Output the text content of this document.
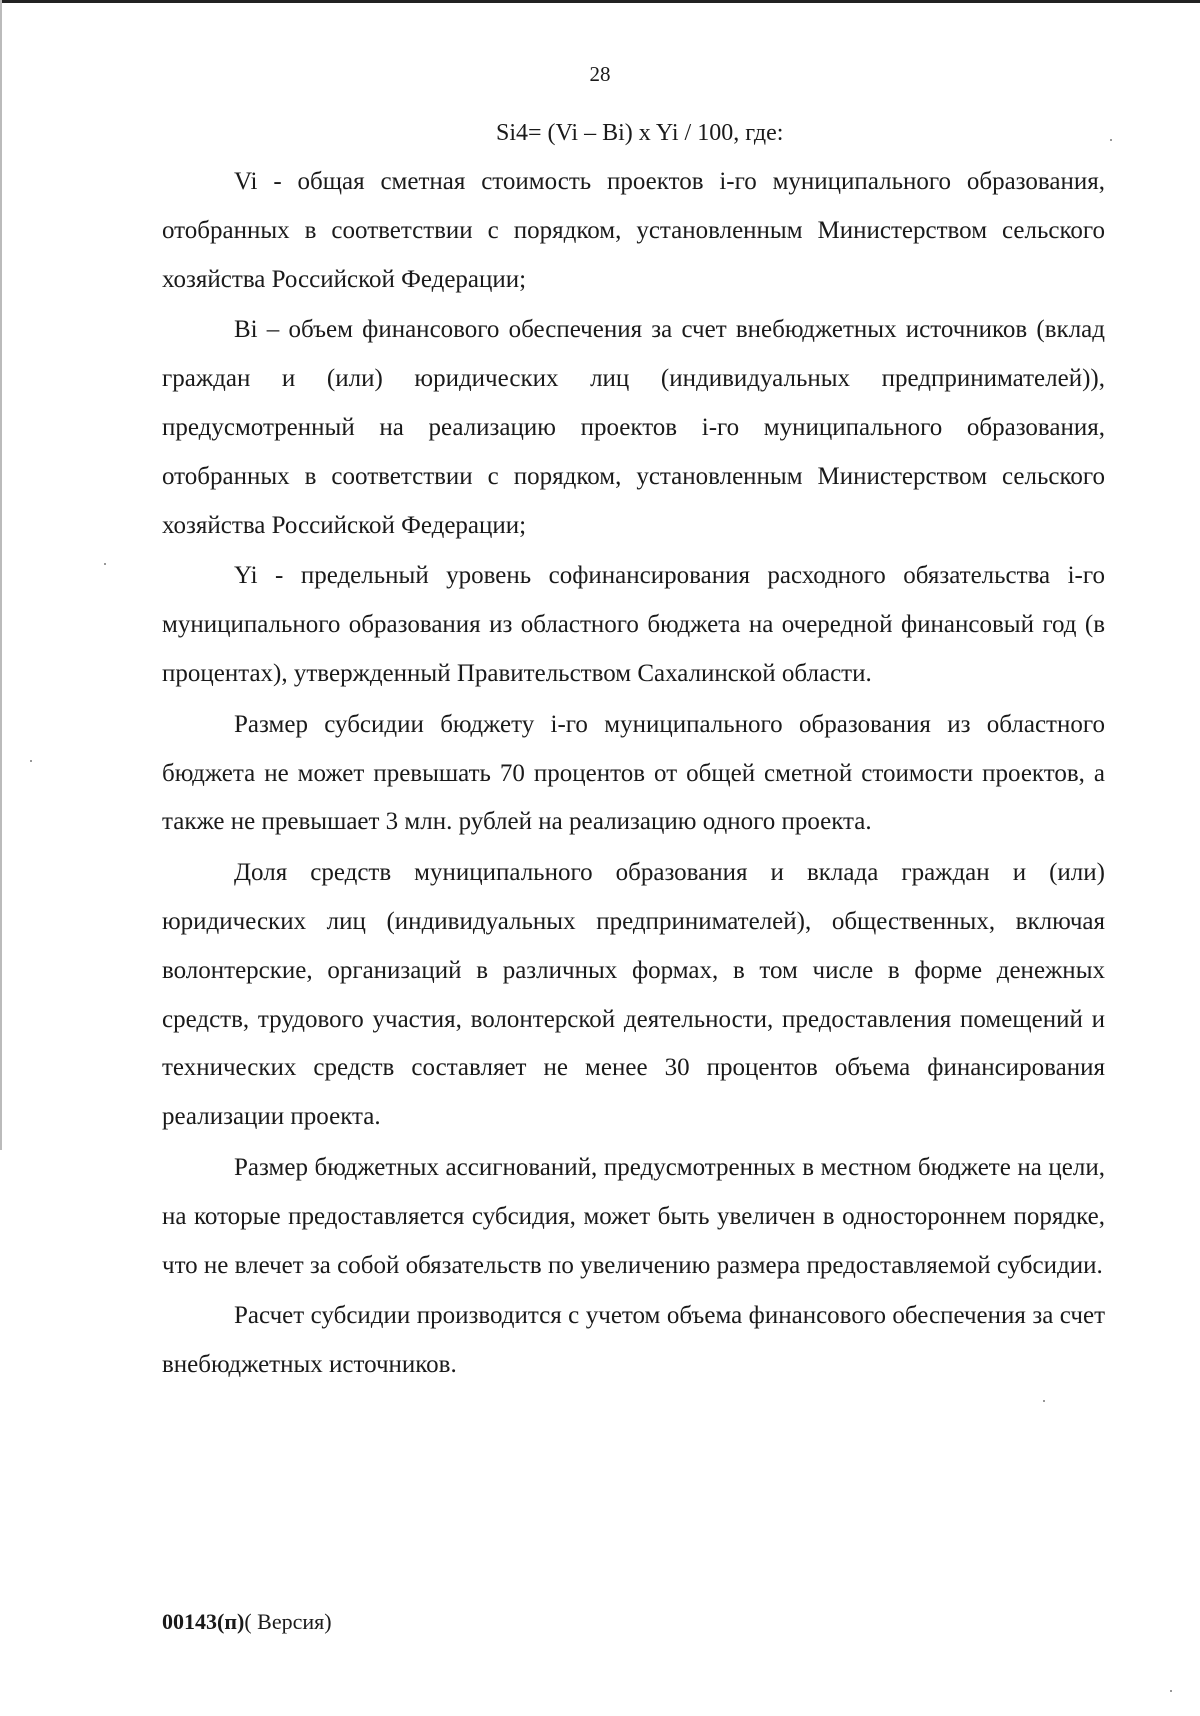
28
Si4= (Vi – Bi) x Yi / 100, где:

Vi - общая сметная стоимость проектов i-го муниципального образования, отобранных в соответствии с порядком, установленным Министерством сельского хозяйства Российской Федерации;

Bi – объем финансового обеспечения за счет внебюджетных источников (вклад граждан и (или) юридических лиц (индивидуальных предпринимателей)), предусмотренный на реализацию проектов i-го муниципального образования, отобранных в соответствии с порядком, установленным Министерством сельского хозяйства Российской Федерации;

Yi - предельный уровень софинансирования расходного обязательства i-го муниципального образования из областного бюджета на очередной финансовый год (в процентах), утвержденный Правительством Сахалинской области.

Размер субсидии бюджету i-го муниципального образования из областного бюджета не может превышать 70 процентов от общей сметной стоимости проектов, а также не превышает 3 млн. рублей на реализацию одного проекта.

Доля средств муниципального образования и вклада граждан и (или) юридических лиц (индивидуальных предпринимателей), общественных, включая волонтерские, организаций в различных формах, в том числе в форме денежных средств, трудового участия, волонтерской деятельности, предоставления помещений и технических средств составляет не менее 30 процентов объема финансирования реализации проекта.

Размер бюджетных ассигнований, предусмотренных в местном бюджете на цели, на которые предоставляется субсидия, может быть увеличен в одностороннем порядке, что не влечет за собой обязательств по увеличению размера предоставляемой субсидии.

Расчет субсидии производится с учетом объема финансового обеспечения за счет внебюджетных источников.

00143(п)( Версия)
